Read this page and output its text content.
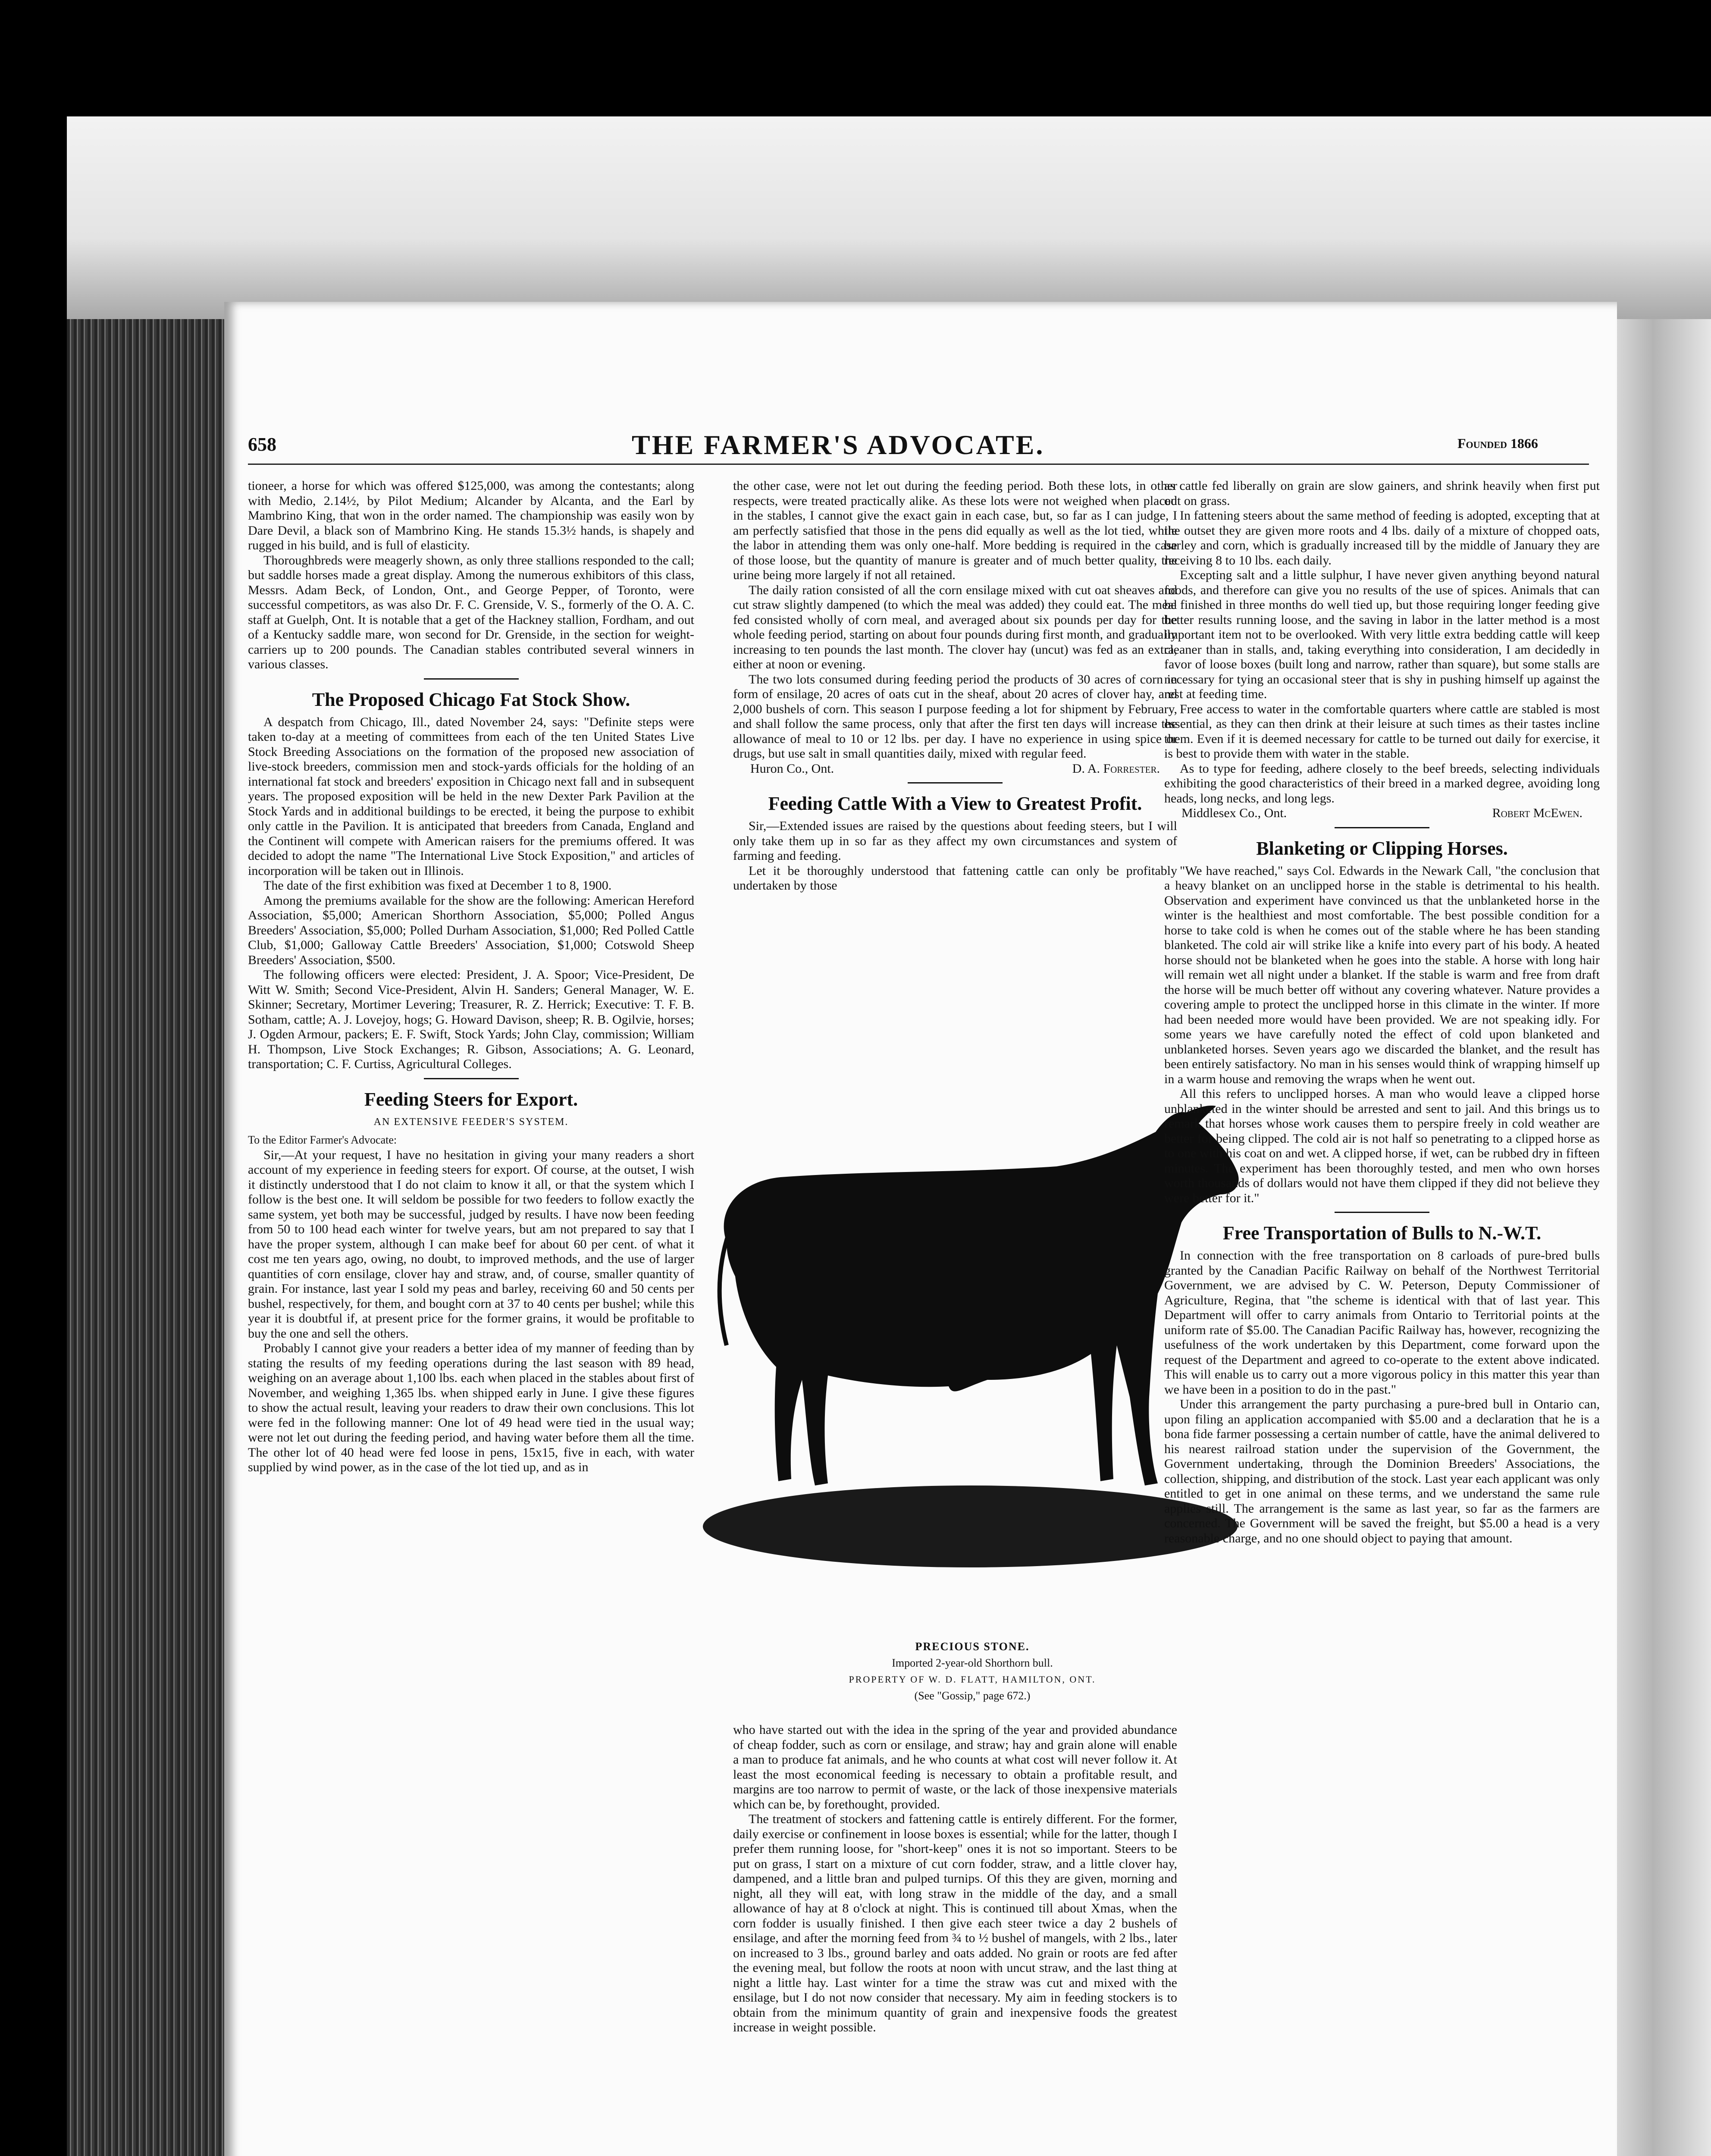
658	THE FARMER'S ADVOCATE.	Founded 1866

tioneer, a horse for which was offered $125,000, was among the contestants; along with Medio, 2.14½, by Pilot Medium; Alcander by Alcanta, and the Earl by Mambrino King, that won in the order named. The championship was easily won by Dare Devil, a black son of Mambrino King. He stands 15.3½ hands, is shapely and rugged in his build, and is full of elasticity.

Thoroughbreds were meagerly shown, as only three stallions responded to the call; but saddle horses made a great display. Among the numerous exhibitors of this class, Messrs. Adam Beck, of London, Ont., and George Pepper, of Toronto, were successful competitors, as was also Dr. F. C. Grenside, V. S., formerly of the O. A. C. staff at Guelph, Ont. It is notable that a get of the Hackney stallion, Fordham, and out of a Kentucky saddle mare, won second for Dr. Grenside, in the section for weight-carriers up to 200 pounds. The Canadian stables contributed several winners in various classes.

The Proposed Chicago Fat Stock Show.

A despatch from Chicago, Ill., dated November 24, says: "Definite steps were taken to-day at a meeting of committees from each of the ten United States Live Stock Breeding Associations on the formation of the proposed new association of live-stock breeders, commission men and stock-yards officials for the holding of an international fat stock and breeders' exposition in Chicago next fall and in subsequent years. The proposed exposition will be held in the new Dexter Park Pavilion at the Stock Yards and in additional buildings to be erected, it being the purpose to exhibit only cattle in the Pavilion. It is anticipated that breeders from Canada, England and the Continent will compete with American raisers for the premiums offered. It was decided to adopt the name "The International Live Stock Exposition," and articles of incorporation will be taken out in Illinois.

The date of the first exhibition was fixed at December 1 to 8, 1900.

Among the premiums available for the show are the following: American Hereford Association, $5,000; American Shorthorn Association, $5,000; Polled Angus Breeders' Association, $5,000; Polled Durham Association, $1,000; Red Polled Cattle Club, $1,000; Galloway Cattle Breeders' Association, $1,000; Cotswold Sheep Breeders' Association, $500.

The following officers were elected: President, J. A. Spoor; Vice-President, De Witt W. Smith; Second Vice-President, Alvin H. Sanders; General Manager, W. E. Skinner; Secretary, Mortimer Levering; Treasurer, R. Z. Herrick; Executive: T. F. B. Sotham, cattle; A. J. Lovejoy, hogs; G. Howard Davison, sheep; R. B. Ogilvie, horses; J. Ogden Armour, packers; E. F. Swift, Stock Yards; John Clay, commission; William H. Thompson, Live Stock Exchanges; R. Gibson, Associations; A. G. Leonard, transportation; C. F. Curtiss, Agricultural Colleges.

Feeding Steers for Export.
AN EXTENSIVE FEEDER'S SYSTEM.

To the Editor Farmer's Advocate:

Sir,—At your request, I have no hesitation in giving your many readers a short account of my experience in feeding steers for export. Of course, at the outset, I wish it distinctly understood that I do not claim to know it all, or that the system which I follow is the best one. It will seldom be possible for two feeders to follow exactly the same system, yet both may be successful, judged by results. I have now been feeding from 50 to 100 head each winter for twelve years, but am not prepared to say that I have the proper system, although I can make beef for about 60 per cent. of what it cost me ten years ago, owing, no doubt, to improved methods, and the use of larger quantities of corn ensilage, clover hay and straw, and, of course, smaller quantity of grain. For instance, last year I sold my peas and barley, receiving 60 and 50 cents per bushel, respectively, for them, and bought corn at 37 to 40 cents per bushel; while this year it is doubtful if, at present price for the former grains, it would be profitable to buy the one and sell the others.

Probably I cannot give your readers a better idea of my manner of feeding than by stating the results of my feeding operations during the last season with 89 head, weighing on an average about 1,100 lbs. each when placed in the stables about first of November, and weighing 1,365 lbs. when shipped early in June. I give these figures to show the actual result, leaving your readers to draw their own conclusions. This lot were fed in the following manner: One lot of 49 head were tied in the usual way; were not let out during the feeding period, and having water before them all the time. The other lot of 40 head were fed loose in pens, 15x15, five in each, with water supplied by wind power, as in the case of the lot tied up, and as in

the other case, were not let out during the feeding period. Both these lots, in other respects, were treated practically alike. As these lots were not weighed when placed in the stables, I cannot give the exact gain in each case, but, so far as I can judge, I am perfectly satisfied that those in the pens did equally as well as the lot tied, while the labor in attending them was only one-half. More bedding is required in the case of those loose, but the quantity of manure is greater and of much better quality, the urine being more largely if not all retained.

The daily ration consisted of all the corn ensilage mixed with cut oat sheaves and cut straw slightly dampened (to which the meal was added) they could eat. The meal fed consisted wholly of corn meal, and averaged about six pounds per day for the whole feeding period, starting on about four pounds during first month, and gradually increasing to ten pounds the last month. The clover hay (uncut) was fed as an extra, either at noon or evening.

The two lots consumed during feeding period the products of 30 acres of corn in form of ensilage, 20 acres of oats cut in the sheaf, about 20 acres of clover hay, and 2,000 bushels of corn. This season I purpose feeding a lot for shipment by February, and shall follow the same process, only that after the first ten days will increase the allowance of meal to 10 or 12 lbs. per day. I have no experience in using spice or drugs, but use salt in small quantities daily, mixed with regular feed.

Huron Co., Ont.	D. A. Forrester.
Feeding Cattle With a View to Greatest Profit.

Sir,—Extended issues are raised by the questions about feeding steers, but I will only take them up in so far as they affect my own circumstances and system of farming and feeding.

Let it be thoroughly understood that fattening cattle can only be profitably undertaken by those

PRECIOUS STONE.
Imported 2-year-old Shorthorn bull.
PROPERTY OF W. D. FLATT, HAMILTON, ONT.
(See "Gossip," page 672.)

who have started out with the idea in the spring of the year and provided abundance of cheap fodder, such as corn or ensilage, and straw; hay and grain alone will enable a man to produce fat animals, and he who counts at what cost will never follow it. At least the most economical feeding is necessary to obtain a profitable result, and margins are too narrow to permit of waste, or the lack of those inexpensive materials which can be, by forethought, provided.

The treatment of stockers and fattening cattle is entirely different. For the former, daily exercise or confinement in loose boxes is essential; while for the latter, though I prefer them running loose, for "short-keep" ones it is not so important. Steers to be put on grass, I start on a mixture of cut corn fodder, straw, and a little clover hay, dampened, and a little bran and pulped turnips. Of this they are given, morning and night, all they will eat, with long straw in the middle of the day, and a small allowance of hay at 8 o'clock at night. This is continued till about Xmas, when the corn fodder is usually finished. I then give each steer twice a day 2 bushels of ensilage, and after the morning feed from ¾ to ½ bushel of mangels, with 2 lbs., later on increased to 3 lbs., ground barley and oats added. No grain or roots are fed after the evening meal, but follow the roots at noon with uncut straw, and the last thing at night a little hay. Last winter for a time the straw was cut and mixed with the ensilage, but I do not now consider that necessary. My aim in feeding stockers is to obtain from the minimum quantity of grain and inexpensive foods the greatest increase in weight possible.

as cattle fed liberally on grain are slow gainers, and shrink heavily when first put out on grass.

In fattening steers about the same method of feeding is adopted, excepting that at the outset they are given more roots and 4 lbs. daily of a mixture of chopped oats, barley and corn, which is gradually increased till by the middle of January they are receiving 8 to 10 lbs. each daily.

Excepting salt and a little sulphur, I have never given anything beyond natural foods, and therefore can give you no results of the use of spices. Animals that can be finished in three months do well tied up, but those requiring longer feeding give better results running loose, and the saving in labor in the latter method is a most important item not to be overlooked. With very little extra bedding cattle will keep cleaner than in stalls, and, taking everything into consideration, I am decidedly in favor of loose boxes (built long and narrow, rather than square), but some stalls are necessary for tying an occasional steer that is shy in pushing himself up against the rest at feeding time.

Free access to water in the comfortable quarters where cattle are stabled is most essential, as they can then drink at their leisure at such times as their tastes incline them. Even if it is deemed necessary for cattle to be turned out daily for exercise, it is best to provide them with water in the stable.

As to type for feeding, adhere closely to the beef breeds, selecting individuals exhibiting the good characteristics of their breed in a marked degree, avoiding long heads, long necks, and long legs.

Middlesex Co., Ont.	Robert McEwen.
Blanketing or Clipping Horses.

"We have reached," says Col. Edwards in the Newark Call, "the conclusion that a heavy blanket on an unclipped horse in the stable is detrimental to his health. Observation and experiment have convinced us that the unblanketed horse in the winter is the healthiest and most comfortable. The best possible condition for a horse to take cold is when he comes out of the stable where he has been standing blanketed. The cold air will strike like a knife into every part of his body. A heated horse should not be blanketed when he goes into the stable. A horse with long hair will remain wet all night under a blanket. If the stable is warm and free from draft the horse will be much better off without any covering whatever. Nature provides a covering ample to protect the unclipped horse in this climate in the winter. If more had been needed more would have been provided. We are not speaking idly. For some years we have carefully noted the effect of cold upon blanketed and unblanketed horses. Seven years ago we discarded the blanket, and the result has been entirely satisfactory. No man in his senses would think of wrapping himself up in a warm house and removing the wraps when he went out.

All this refers to unclipped horses. A man who would leave a clipped horse unblanketed in the winter should be arrested and sent to jail. And this brings us to remark that horses whose work causes them to perspire freely in cold weather are better for being clipped. The cold air is not half so penetrating to a clipped horse as to one with his coat on and wet. A clipped horse, if wet, can be rubbed dry in fifteen minutes. The experiment has been thoroughly tested, and men who own horses worth thousands of dollars would not have them clipped if they did not believe they were better for it."

Free Transportation of Bulls to N.-W.T.

In connection with the free transportation on 8 carloads of pure-bred bulls granted by the Canadian Pacific Railway on behalf of the Northwest Territorial Government, we are advised by C. W. Peterson, Deputy Commissioner of Agriculture, Regina, that "the scheme is identical with that of last year. This Department will offer to carry animals from Ontario to Territorial points at the uniform rate of $5.00. The Canadian Pacific Railway has, however, recognizing the usefulness of the work undertaken by this Department, come forward upon the request of the Department and agreed to co-operate to the extent above indicated. This will enable us to carry out a more vigorous policy in this matter this year than we have been in a position to do in the past."

Under this arrangement the party purchasing a pure-bred bull in Ontario can, upon filing an application accompanied with $5.00 and a declaration that he is a bona fide farmer possessing a certain number of cattle, have the animal delivered to his nearest railroad station under the supervision of the Government, the Government undertaking, through the Dominion Breeders' Associations, the collection, shipping, and distribution of the stock. Last year each applicant was only entitled to get in one animal on these terms, and we understand the same rule applies still. The arrangement is the same as last year, so far as the farmers are concerned. The Government will be saved the freight, but $5.00 a head is a very reasonable charge, and no one should object to paying that amount.
